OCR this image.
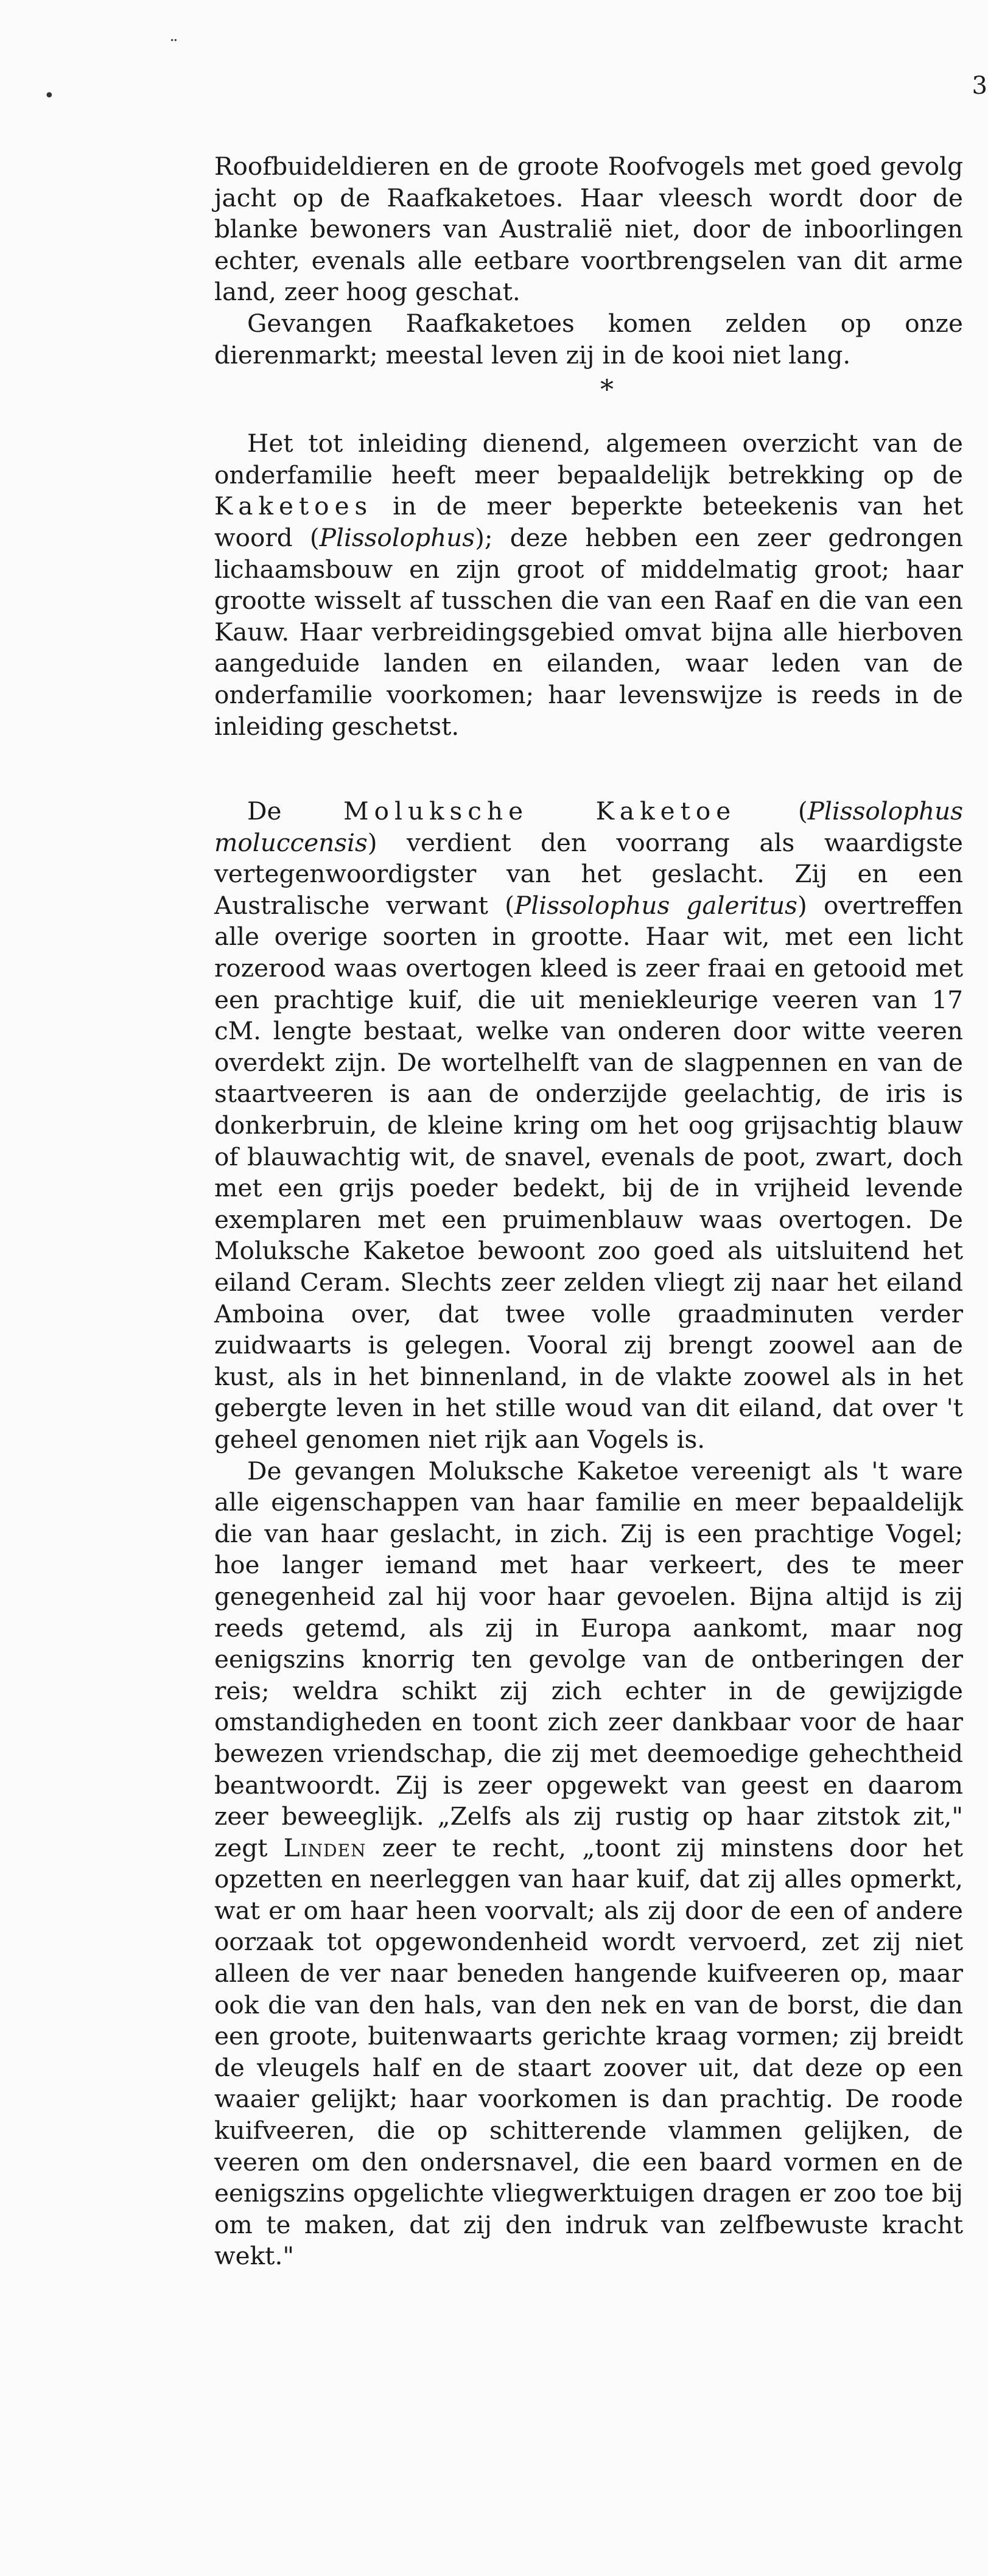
3
•
¨

Roofbuideldieren en de groote Roofvogels met goed gevolg jacht op de Raafkaketoes. Haar vleesch wordt door de blanke bewoners van Australië niet, door de inboorlingen echter, evenals alle eetbare voortbrengselen van dit arme land, zeer hoog geschat.

Gevangen Raafkaketoes komen zelden op onze dierenmarkt; meestal leven zij in de kooi niet lang.

*

Het tot inleiding dienend, algemeen overzicht van de onderfamilie heeft meer bepaaldelijk betrekking op de Kaketoes in de meer beperkte beteekenis van het woord (Plissolophus); deze hebben een zeer gedrongen lichaamsbouw en zijn groot of middelmatig groot; haar grootte wisselt af tusschen die van een Raaf en die van een Kauw. Haar verbreidingsgebied omvat bijna alle hierboven aangeduide landen en eilanden, waar leden van de onderfamilie voorkomen; haar levenswijze is reeds in de inleiding geschetst.

De Moluksche Kaketoe (Plissolophus moluccensis) verdient den voorrang als waardigste vertegenwoordigster van het geslacht. Zij en een Australische verwant (Plissolophus galeritus) overtreffen alle overige soorten in grootte. Haar wit, met een licht rozerood waas overtogen kleed is zeer fraai en getooid met een prachtige kuif, die uit meniekleurige veeren van 17 cM. lengte bestaat, welke van onderen door witte veeren overdekt zijn. De wortelhelft van de slagpennen en van de staartveeren is aan de onderzijde geelachtig, de iris is donkerbruin, de kleine kring om het oog grijsachtig blauw of blauwachtig wit, de snavel, evenals de poot, zwart, doch met een grijs poeder bedekt, bij de in vrijheid levende exemplaren met een pruimenblauw waas overtogen. De Moluksche Kaketoe bewoont zoo goed als uitsluitend het eiland Ceram. Slechts zeer zelden vliegt zij naar het eiland Amboina over, dat twee volle graadminuten verder zuidwaarts is gelegen. Vooral zij brengt zoowel aan de kust, als in het binnenland, in de vlakte zoowel als in het gebergte leven in het stille woud van dit eiland, dat over 't geheel genomen niet rijk aan Vogels is.

De gevangen Moluksche Kaketoe vereenigt als 't ware alle eigenschappen van haar familie en meer bepaaldelijk die van haar geslacht, in zich. Zij is een prachtige Vogel; hoe langer iemand met haar verkeert, des te meer genegenheid zal hij voor haar gevoelen. Bijna altijd is zij reeds getemd, als zij in Europa aankomt, maar nog eenigszins knorrig ten gevolge van de ontberingen der reis; weldra schikt zij zich echter in de gewijzigde omstandigheden en toont zich zeer dankbaar voor de haar bewezen vriendschap, die zij met deemoedige gehechtheid beantwoordt. Zij is zeer opgewekt van geest en daarom zeer beweeglijk. „Zelfs als zij rustig op haar zitstok zit," zegt Linden zeer te recht, „toont zij minstens door het opzetten en neerleggen van haar kuif, dat zij alles opmerkt, wat er om haar heen voorvalt; als zij door de een of andere oorzaak tot opgewondenheid wordt vervoerd, zet zij niet alleen de ver naar beneden hangende kuifveeren op, maar ook die van den hals, van den nek en van de borst, die dan een groote, buitenwaarts gerichte kraag vormen; zij breidt de vleugels half en de staart zoover uit, dat deze op een waaier gelijkt; haar voorkomen is dan prachtig. De roode kuifveeren, die op schitterende vlammen gelijken, de veeren om den ondersnavel, die een baard vormen en de eenigszins opgelichte vliegwerktuigen dragen er zoo toe bij om te maken, dat zij den indruk van zelfbewuste kracht wekt."
